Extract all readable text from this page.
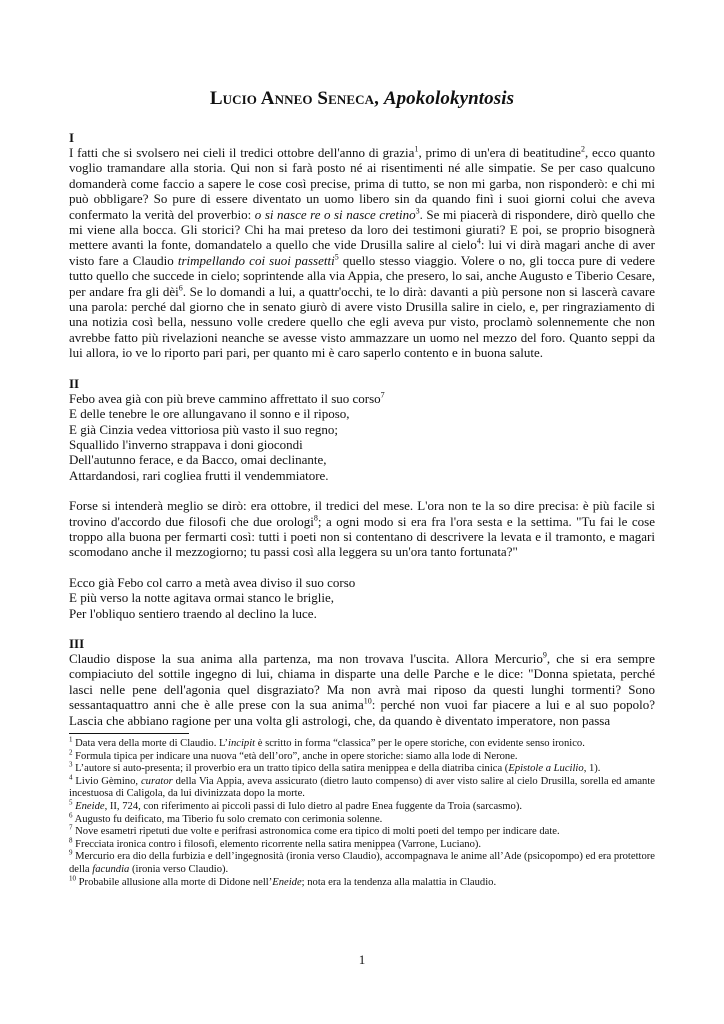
Lucio Anneo Seneca, Apokolokyntosis
I

I fatti che si svolsero nei cieli il tredici ottobre dell'anno di grazia$^1$, primo di un'era di beatitudine$^2$, ecco quanto voglio tramandare alla storia. Qui non si farà posto né ai risentimenti né alle simpatie. Se per caso qualcuno domanderà come faccio a sapere le cose così precise, prima di tutto, se non mi garba, non risponderò: e chi mi può obbligare? So pure di essere diventato un uomo libero sin da quando finì i suoi giorni colui che aveva confermato la verità del proverbio: o si nasce re o si nasce cretino$^3$. Se mi piacerà di rispondere, dirò quello che mi viene alla bocca. Gli storici? Chi ha mai preteso da loro dei testimoni giurati? E poi, se proprio bisognerà mettere avanti la fonte, domandatelo a quello che vide Drusilla salire al cielo$^4$: lui vi dirà magari anche di aver visto fare a Claudio trimpellando coi suoi passetti$^5$ quello stesso viaggio. Volere o no, gli tocca pure di vedere tutto quello che succede in cielo; soprintende alla via Appia, che presero, lo sai, anche Augusto e Tiberio Cesare, per andare fra gli dèi$^6$. Se lo domandi a lui, a quattr'occhi, te lo dirà: davanti a più persone non si lascerà cavare una parola: perché dal giorno che in senato giurò di avere visto Drusilla salire in cielo, e, per ringraziamento di una notizia così bella, nessuno volle credere quello che egli aveva pur visto, proclamò solennemente che non avrebbe fatto più rivelazioni neanche se avesse visto ammazzare un uomo nel mezzo del foro. Quanto seppi da lui allora, io ve lo riporto pari pari, per quanto mi è caro saperlo contento e in buona salute.

II
Febo avea già con più breve cammino affrettato il suo corso$^7$
E delle tenebre le ore allungavano il sonno e il riposo,
E già Cinzia vedea vittoriosa più vasto il suo regno;
Squallido l'inverno strappava i doni giocondi
Dell'autunno ferace, e da Bacco, omai declinante,
Attardandosi, rari cogliea frutti il vendemmiatore.

Forse si intenderà meglio se dirò: era ottobre, il tredici del mese. L'ora non te la so dire precisa: è più facile si trovino d'accordo due filosofi che due orologi$^8$; a ogni modo si era fra l'ora sesta e la settima. "Tu fai le cose troppo alla buona per fermarti così: tutti i poeti non si contentano di descrivere la levata e il tramonto, e magari scomodano anche il mezzogiorno; tu passi così alla leggera su un'ora tanto fortunata?"

Ecco già Febo col carro a metà avea diviso il suo corso
E più verso la notte agitava ormai stanco le briglie,
Per l'obliquo sentiero traendo al declino la luce.
III

Claudio dispose la sua anima alla partenza, ma non trovava l'uscita. Allora Mercurio$^9$, che si era sempre compiaciuto del sottile ingegno di lui, chiama in disparte una delle Parche e le dice: "Donna spietata, perché lasci nelle pene dell'agonia quel disgraziato? Ma non avrà mai riposo da questi lunghi tormenti? Sono sessantaquattro anni che è alle prese con la sua anima$^{10}$: perché non vuoi far piacere a lui e al suo popolo? Lascia che abbiano ragione per una volta gli astrologi, che, da quando è diventato imperatore, non passa

$^1$ Data vera della morte di Claudio. L’incipit è scritto in forma “classica” per le opere storiche, con evidente senso ironico.

$^2$ Formula tipica per indicare una nuova “età dell’oro”, anche in opere storiche: siamo alla lode di Nerone.

$^3$ L’autore si auto-presenta; il proverbio era un tratto tipico della satira menippea e della diatriba cinica (Epistole a Lucilio, 1).

$^4$ Livio Gèmino, curator della Via Appia, aveva assicurato (dietro lauto compenso) di aver visto salire al cielo Drusilla, sorella ed amante incestuosa di Caligola, da lui divinizzata dopo la morte.

$^5$ Eneide, II, 724, con riferimento ai piccoli passi di Iulo dietro al padre Enea fuggente da Troia (sarcasmo).

$^6$ Augusto fu deificato, ma Tiberio fu solo cremato con cerimonia solenne.

$^7$ Nove esametri ripetuti due volte e perifrasi astronomica come era tipico di molti poeti del tempo per indicare date.

$^8$ Frecciata ironica contro i filosofi, elemento ricorrente nella satira menippea (Varrone, Luciano).

$^9$ Mercurio era dio della furbizia e dell’ingegnosità (ironia verso Claudio), accompagnava le anime all’Ade (psicopompo) ed era protettore della facundia (ironia verso Claudio).

$^{10}$ Probabile allusione alla morte di Didone nell’Eneide; nota era la tendenza alla malattia in Claudio.

1
